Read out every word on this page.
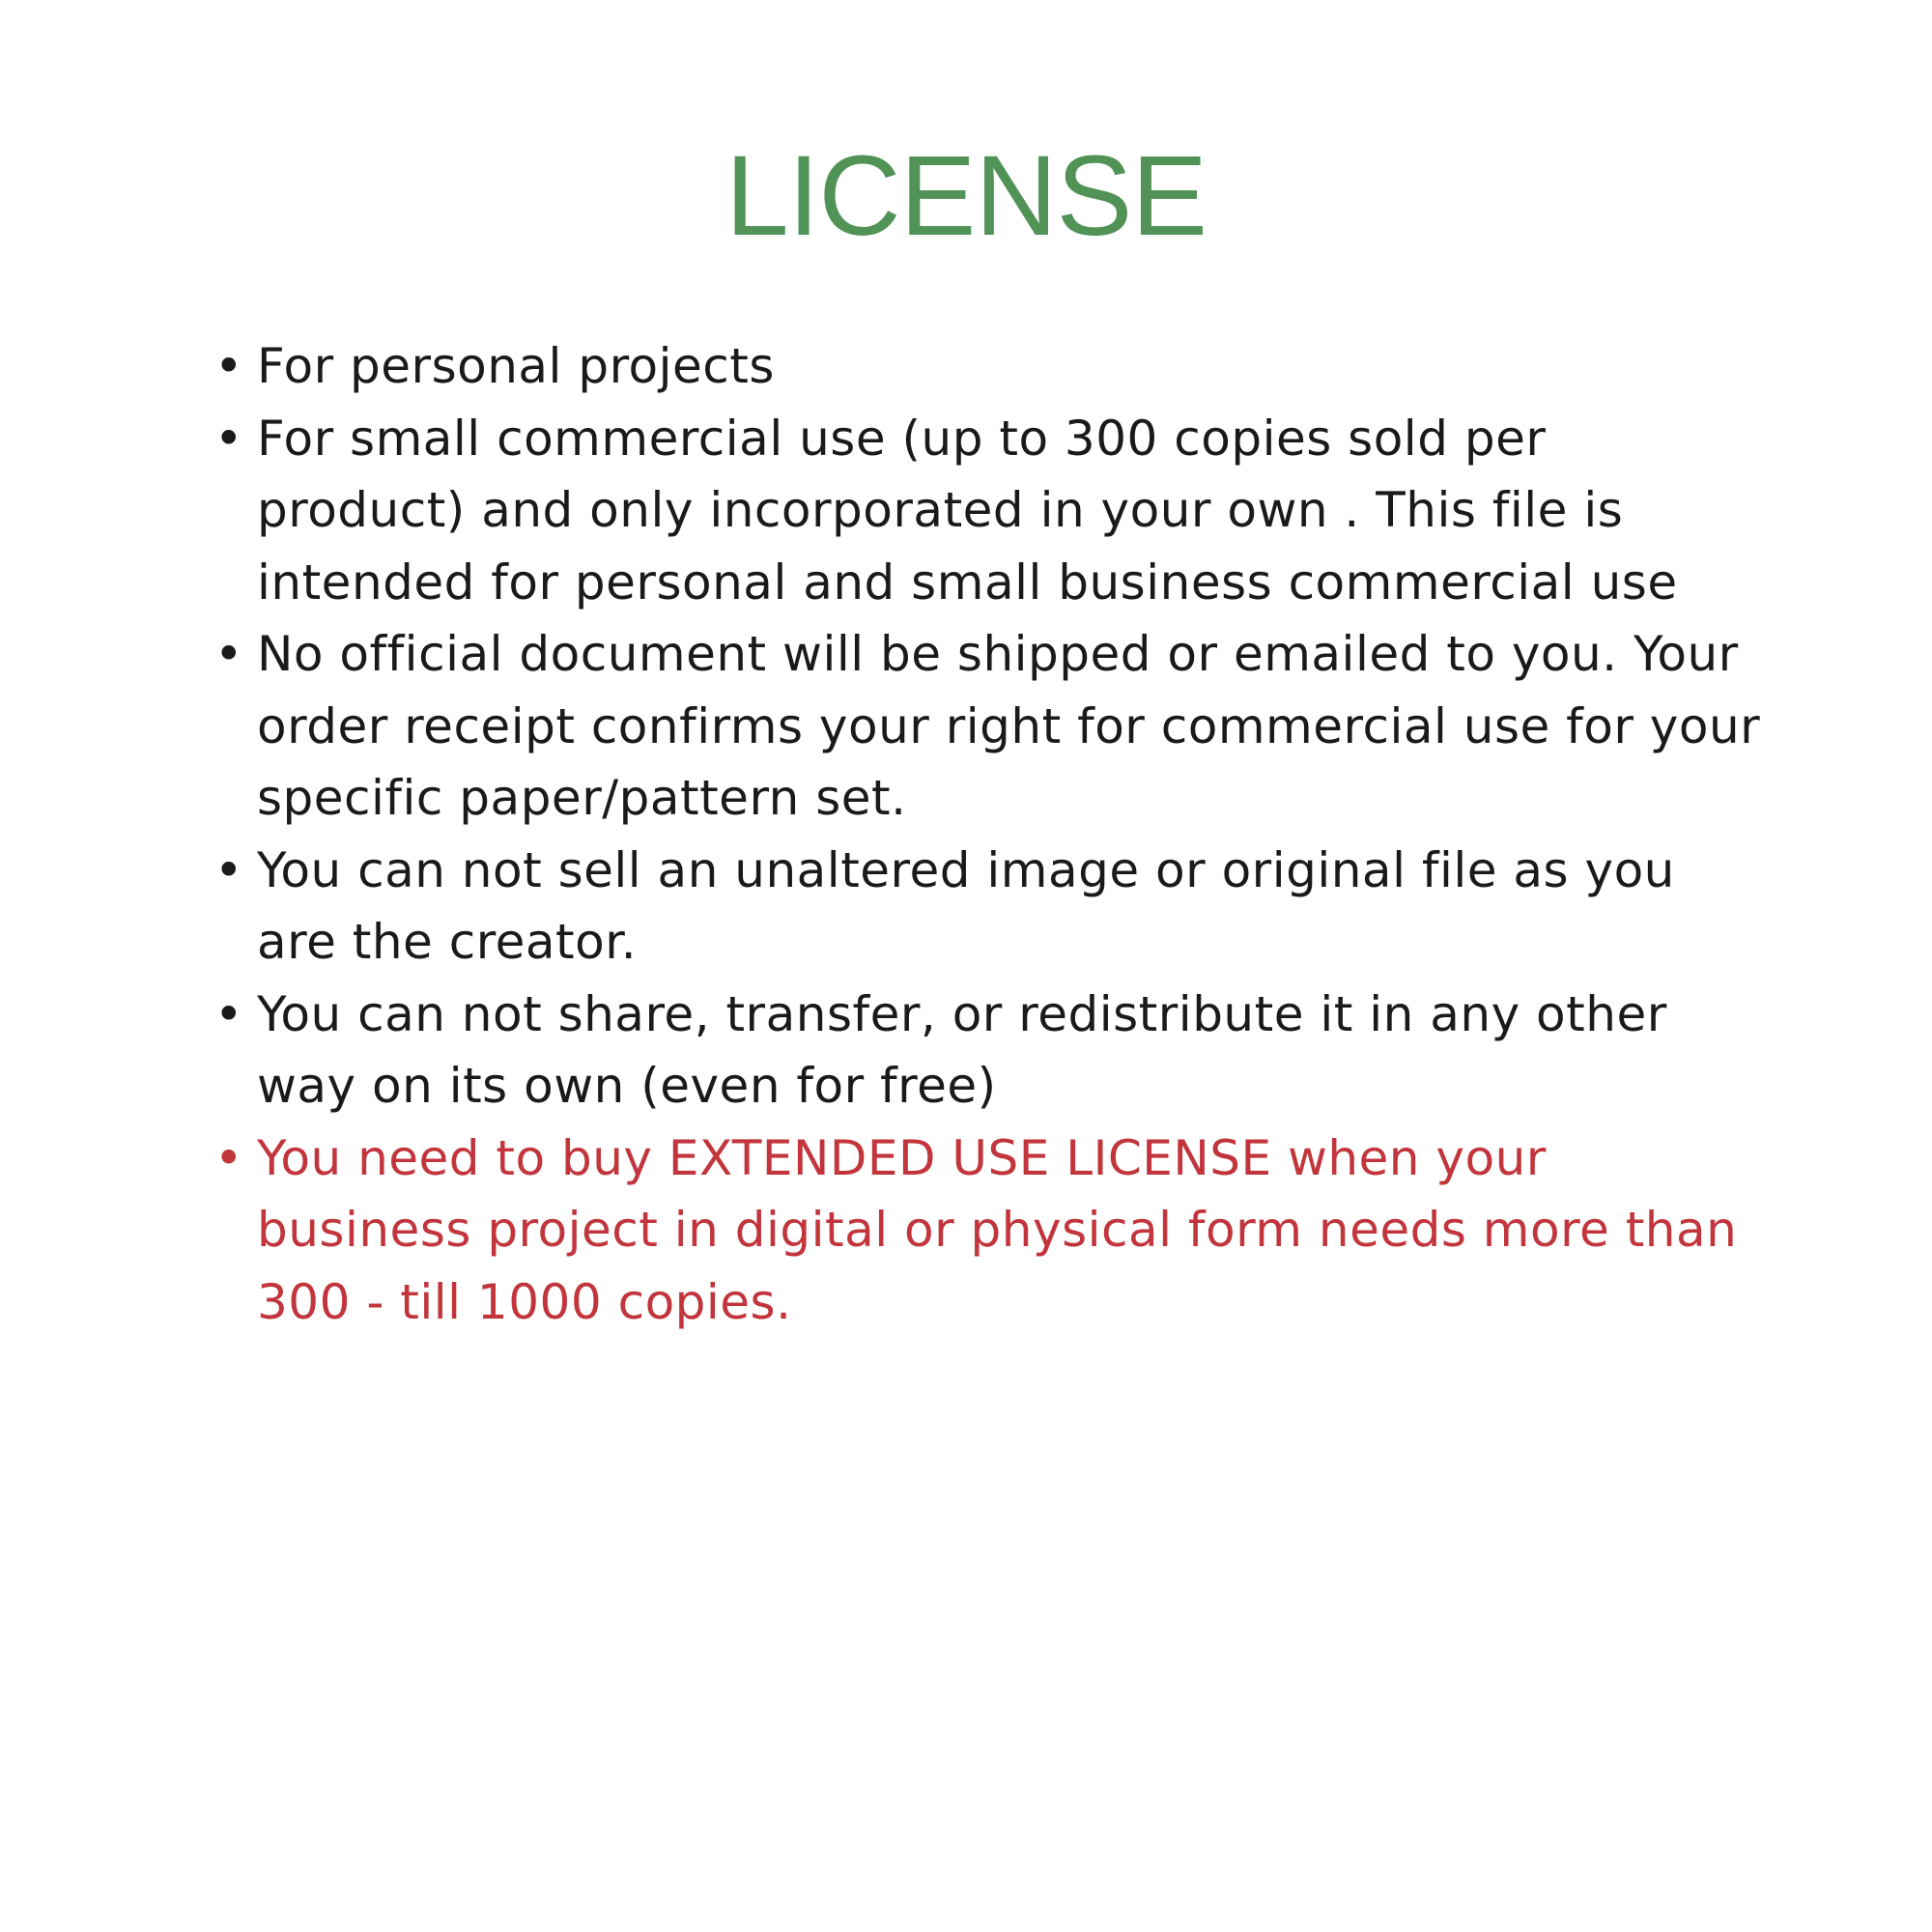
LICENSE
• For personal projects
• For small commercial use (up to 300 copies sold per product) and only incorporated in your own . This file is intended for personal and small business commercial use
• No official document will be shipped or emailed to you. Your order receipt confirms your right for commercial use for your specific paper/pattern set.
• You can not sell an unaltered image or original file as you are the creator.
• You can not share, transfer, or redistribute it in any other way on its own (even for free)
• You need to buy EXTENDED USE LICENSE when your business project in digital or physical form needs more than 300 - till 1000 copies.
